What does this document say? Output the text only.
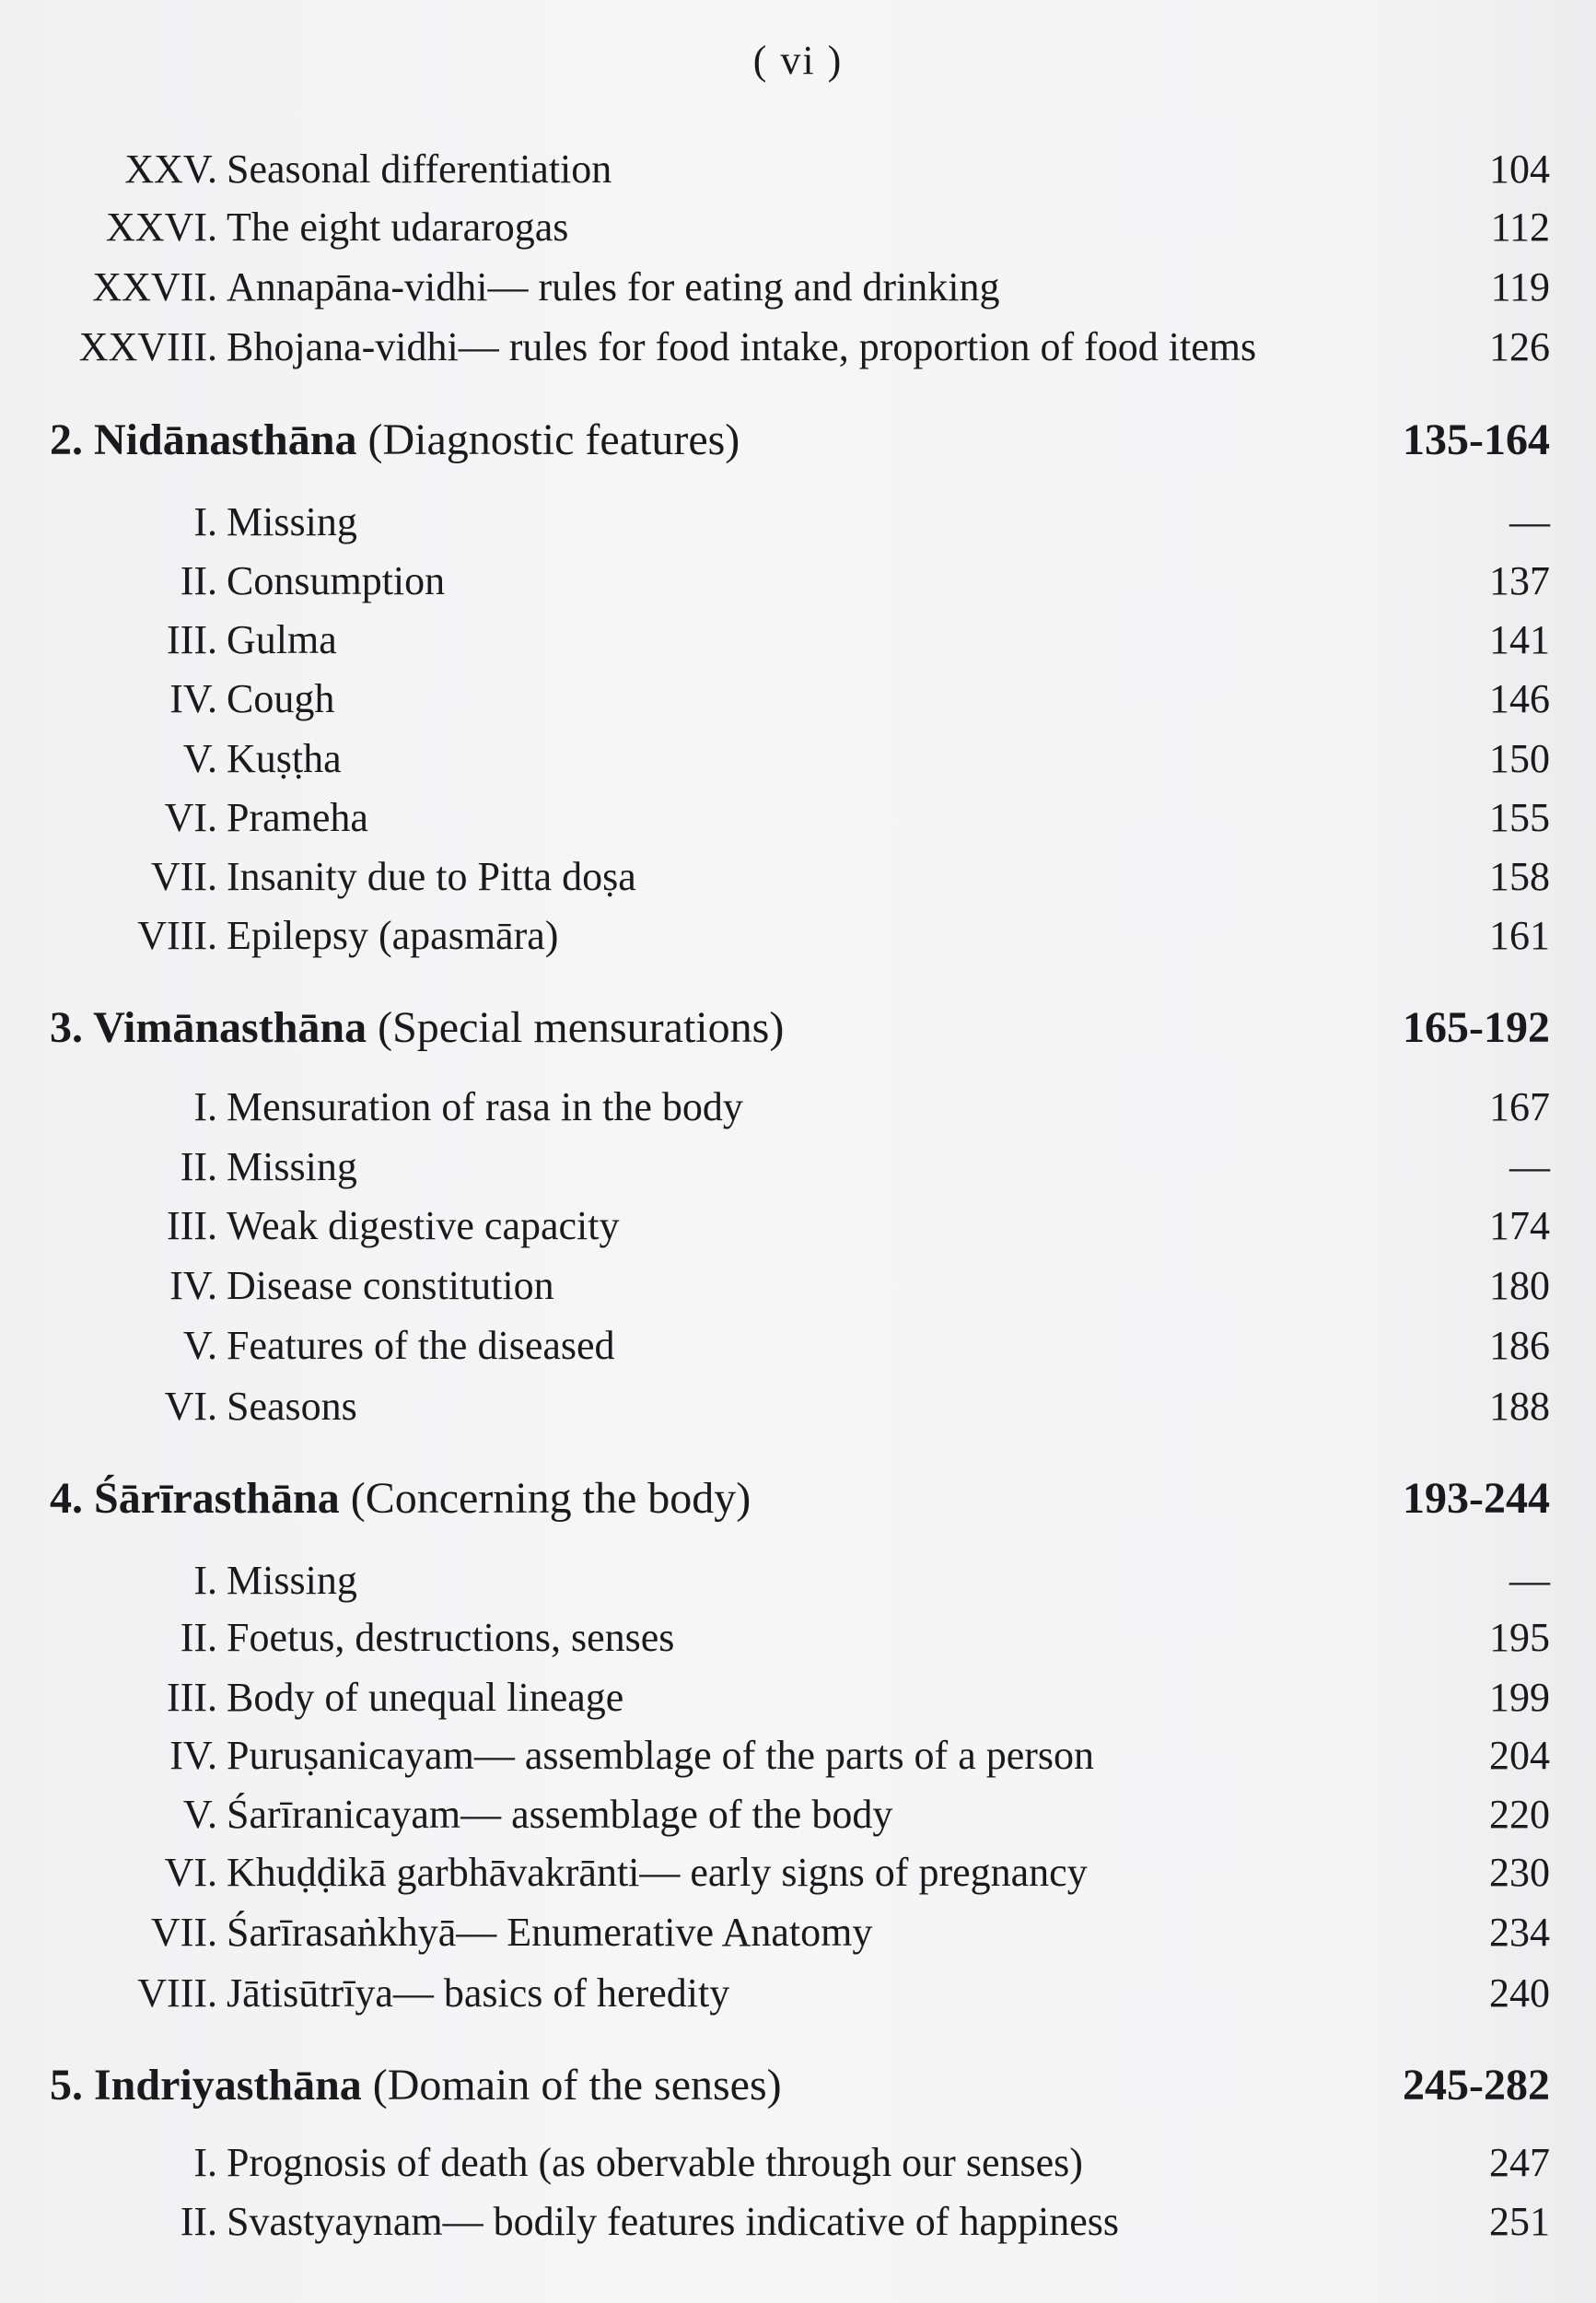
( vi )
XXV. Seasonal differentiation	104
XXVI. The eight udararogas	112
XXVII. Annapāna-vidhi— rules for eating and drinking	119
XXVIII. Bhojana-vidhi— rules for food intake, proportion of food items	126
2. Nidānasthāna (Diagnostic features)	135-164
I. Missing	—
II. Consumption	137
III. Gulma	141
IV. Cough	146
V. Kuṣṭha	150
VI. Prameha	155
VII. Insanity due to Pitta doṣa	158
VIII. Epilepsy (apasmāra)	161
3. Vimānasthāna (Special mensurations)	165-192
I. Mensuration of rasa in the body	167
II. Missing	—
III. Weak digestive capacity	174
IV. Disease constitution	180
V. Features of the diseased	186
VI. Seasons	188
4. Śārīrasthāna (Concerning the body)	193-244
I. Missing	—
II. Foetus, destructions, senses	195
III. Body of unequal lineage	199
IV. Puruṣanicayam— assemblage of the parts of a person	204
V. Śarīranicayam— assemblage of the body	220
VI. Khuḍḍikā garbhāvakrānti— early signs of pregnancy	230
VII. Śarīrasaṅkhyā— Enumerative Anatomy	234
VIII. Jātisūtrīya— basics of heredity	240
5. Indriyasthāna (Domain of the senses)	245-282
I. Prognosis of death (as obervable through our senses)	247
II. Svastyaynam— bodily features indicative of happiness	251
